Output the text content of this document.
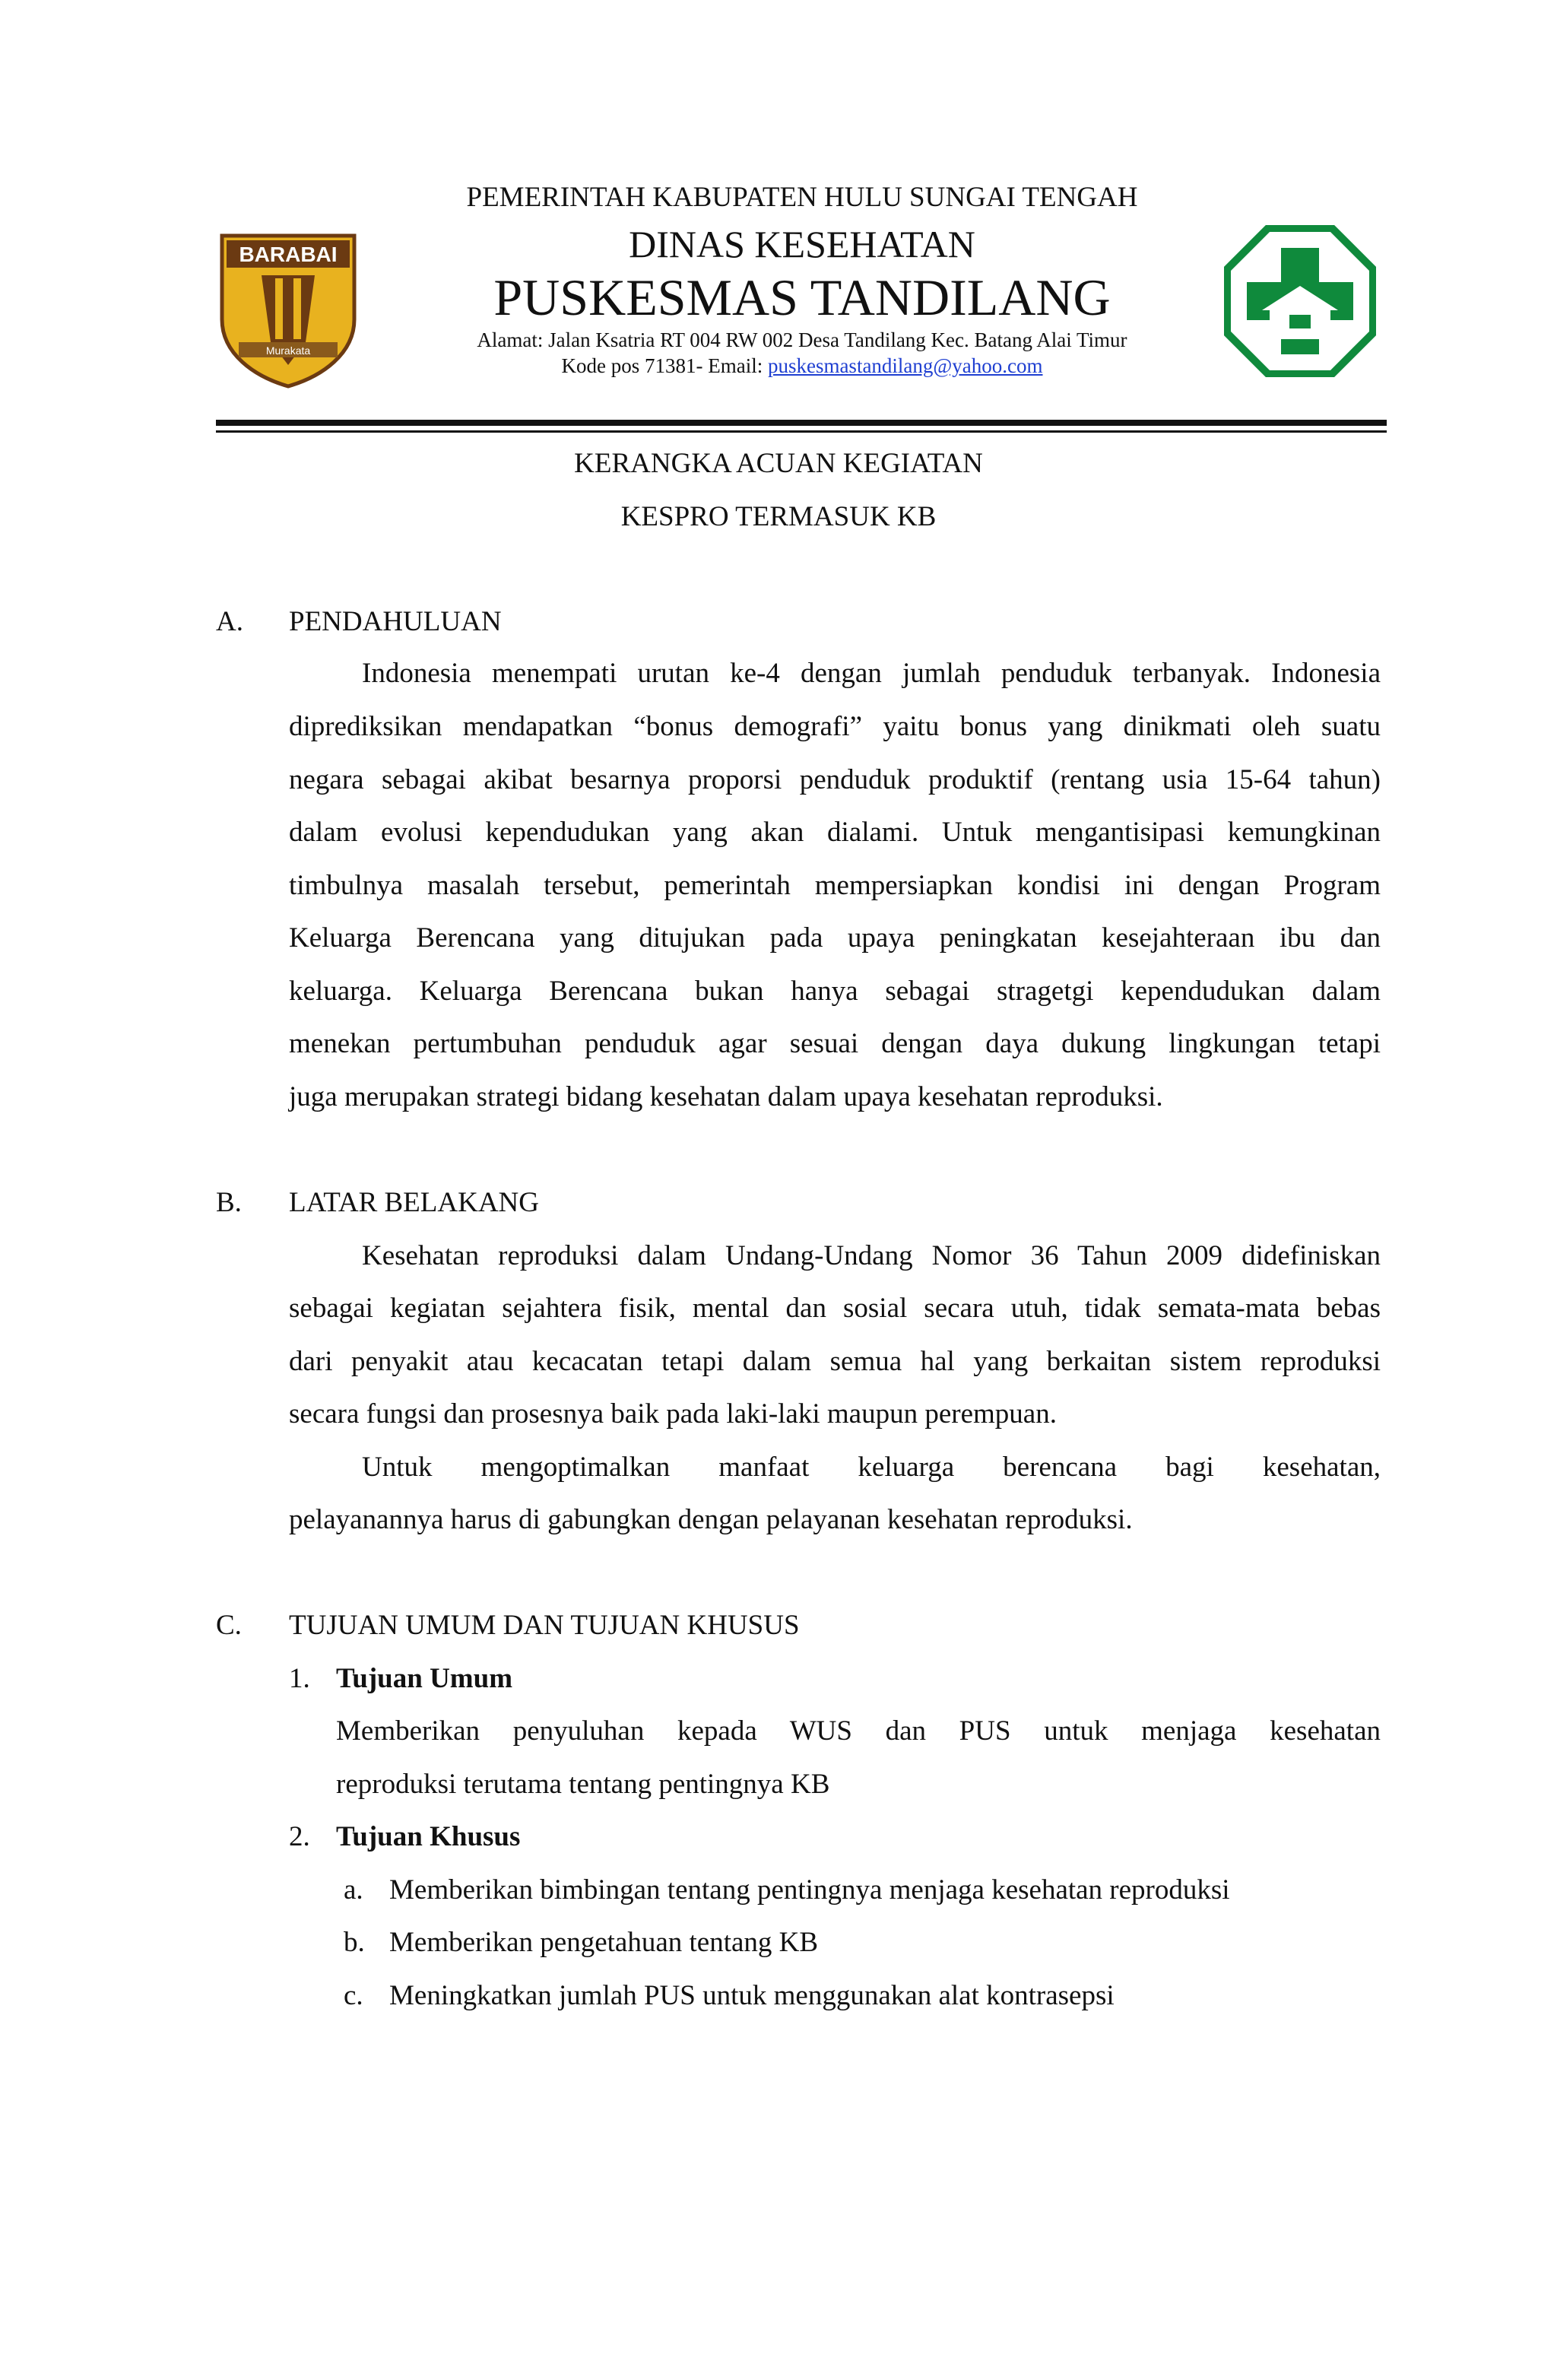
BARABAI
Murakata
PEMERINTAH KABUPATEN HULU SUNGAI TENGAH
DINAS KESEHATAN
PUSKESMAS TANDILANG
Alamat: Jalan Ksatria RT 004 RW 002 Desa Tandilang Kec. Batang Alai Timur
Kode pos 71381- Email: puskesmastandilang@yahoo.com
KERANGKA ACUAN KEGIATAN
KESPRO TERMASUK KB
A. PENDAHULUAN
Indonesia menempati urutan ke-4 dengan jumlah penduduk terbanyak. Indonesia
diprediksikan mendapatkan “bonus demografi” yaitu bonus yang dinikmati oleh suatu
negara sebagai akibat besarnya proporsi penduduk produktif (rentang usia 15-64 tahun)
dalam evolusi kependudukan yang akan dialami. Untuk mengantisipasi kemungkinan
timbulnya masalah tersebut, pemerintah mempersiapkan kondisi ini dengan Program
Keluarga Berencana yang ditujukan pada upaya peningkatan kesejahteraan ibu dan
keluarga. Keluarga Berencana bukan hanya sebagai stragetgi kependudukan dalam
menekan pertumbuhan penduduk agar sesuai dengan daya dukung lingkungan tetapi
juga merupakan strategi bidang kesehatan dalam upaya kesehatan reproduksi.
B. LATAR BELAKANG
Kesehatan reproduksi dalam Undang-Undang Nomor 36 Tahun 2009 didefiniskan
sebagai kegiatan sejahtera fisik, mental dan sosial secara utuh, tidak semata-mata bebas
dari penyakit atau kecacatan tetapi dalam semua hal yang berkaitan sistem reproduksi
secara fungsi dan prosesnya baik pada laki-laki maupun perempuan.
Untuk mengoptimalkan manfaat keluarga berencana bagi kesehatan,
pelayanannya harus di gabungkan dengan pelayanan kesehatan reproduksi.
C. TUJUAN UMUM DAN TUJUAN KHUSUS
1. Tujuan Umum
Memberikan penyuluhan kepada WUS dan PUS untuk menjaga kesehatan
reproduksi terutama tentang pentingnya KB
2. Tujuan Khusus
a. Memberikan bimbingan tentang pentingnya menjaga kesehatan reproduksi
b. Memberikan pengetahuan tentang KB
c. Meningkatkan jumlah PUS untuk menggunakan alat kontrasepsi
